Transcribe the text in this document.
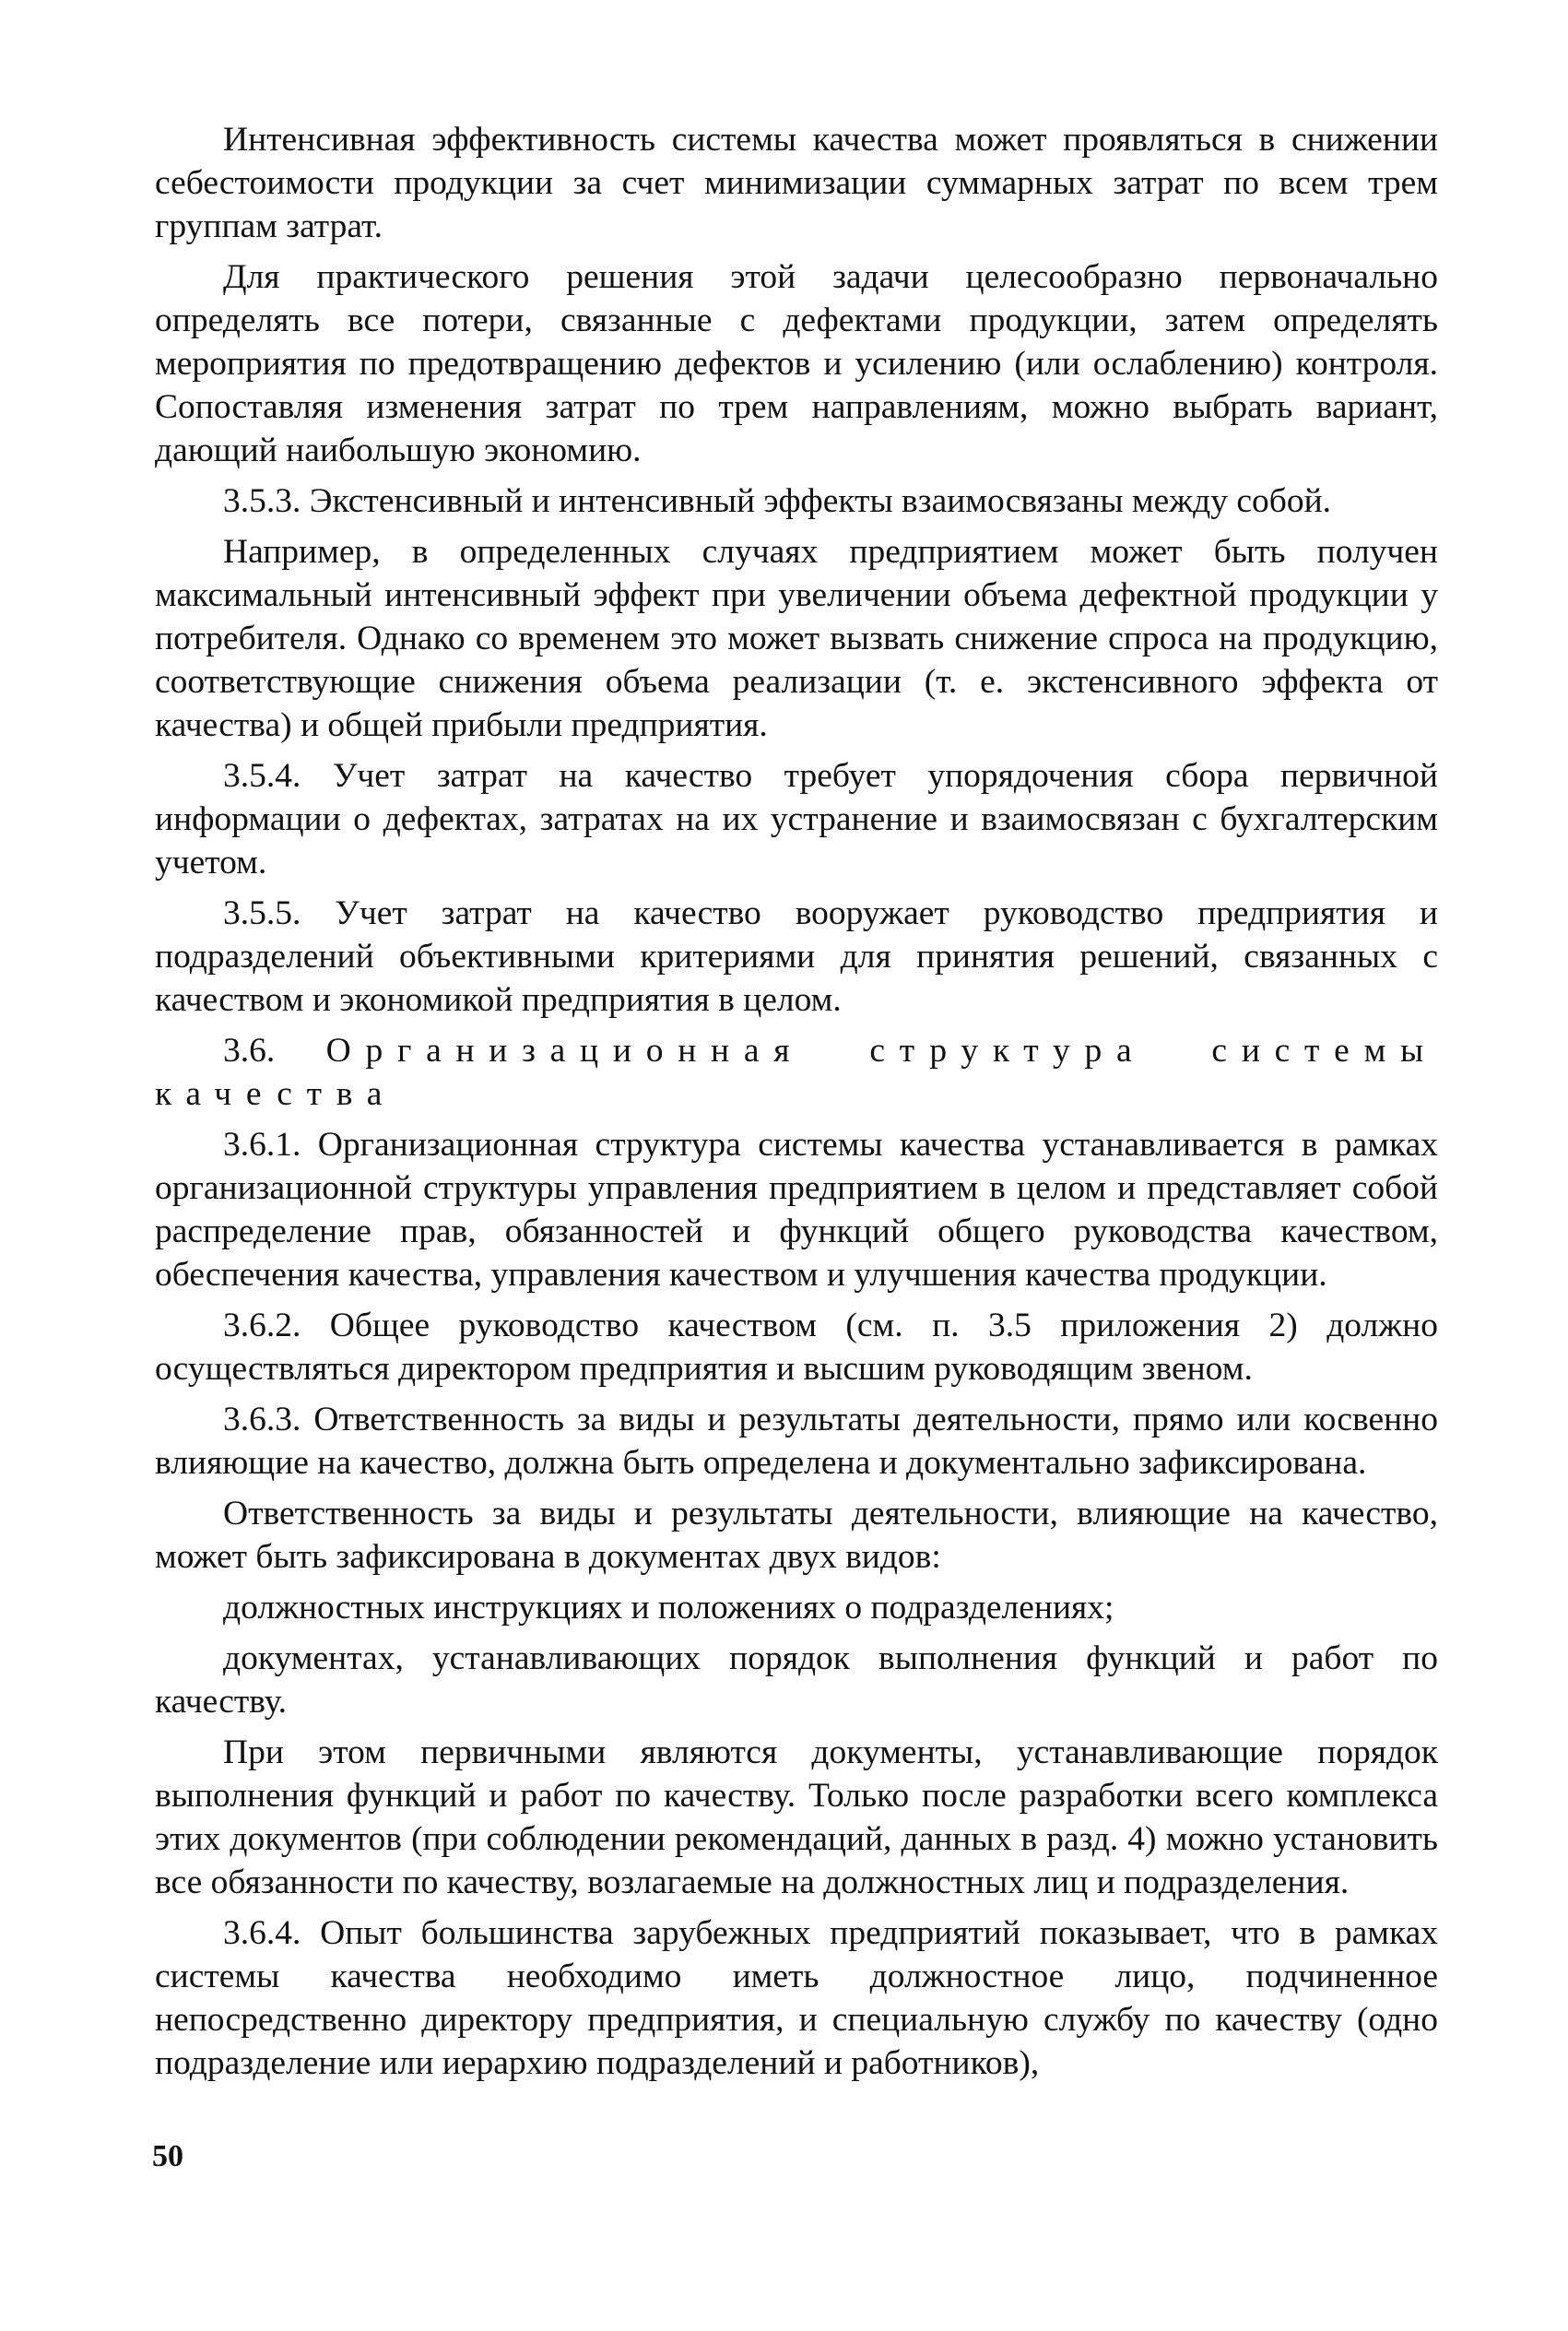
Интенсивная эффективность системы качества может проявляться в снижении себестоимости продукции за счет минимизации суммарных затрат по всем трем группам затрат.

Для практического решения этой задачи целесообразно первоначально определять все потери, связанные с дефектами продукции, затем определять мероприятия по предотвращению дефектов и усилению (или ослаблению) контроля. Сопоставляя изменения затрат по трем направлениям, можно выбрать вариант, дающий наибольшую экономию.

3.5.3. Экстенсивный и интенсивный эффекты взаимосвязаны между собой.

Например, в определенных случаях предприятием может быть получен максимальный интенсивный эффект при увеличении объема дефектной продукции у потребителя. Однако со временем это может вызвать снижение спроса на продукцию, соответствующие снижения объема реализации (т. е. экстенсивного эффекта от качества) и общей прибыли предприятия.

3.5.4. Учет затрат на качество требует упорядочения сбора первичной информации о дефектах, затратах на их устранение и взаимосвязан с бухгалтерским учетом.

3.5.5. Учет затрат на качество вооружает руководство предприятия и подразделений объективными критериями для принятия решений, связанных с качеством и экономикой предприятия в целом.

3.6. Организационная структура системы качества

3.6.1. Организационная структура системы качества устанавливается в рамках организационной структуры управления предприятием в целом и представляет собой распределение прав, обязанностей и функций общего руководства качеством, обеспечения качества, управления качеством и улучшения качества продукции.

3.6.2. Общее руководство качеством (см. п. 3.5 приложения 2) должно осуществляться директором предприятия и высшим руководящим звеном.

3.6.3. Ответственность за виды и результаты деятельности, прямо или косвенно влияющие на качество, должна быть определена и документально зафиксирована.

Ответственность за виды и результаты деятельности, влияющие на качество, может быть зафиксирована в документах двух видов:

должностных инструкциях и положениях о подразделениях;

документах, устанавливающих порядок выполнения функций и работ по качеству.

При этом первичными являются документы, устанавливающие порядок выполнения функций и работ по качеству. Только после разработки всего комплекса этих документов (при соблюдении рекомендаций, данных в разд. 4) можно установить все обязанности по качеству, возлагаемые на должностных лиц и подразделения.

3.6.4. Опыт большинства зарубежных предприятий показывает, что в рамках системы качества необходимо иметь должностное лицо, подчиненное непосредственно директору предприятия, и специальную службу по качеству (одно подразделение или иерархию подразделений и работников),

50
